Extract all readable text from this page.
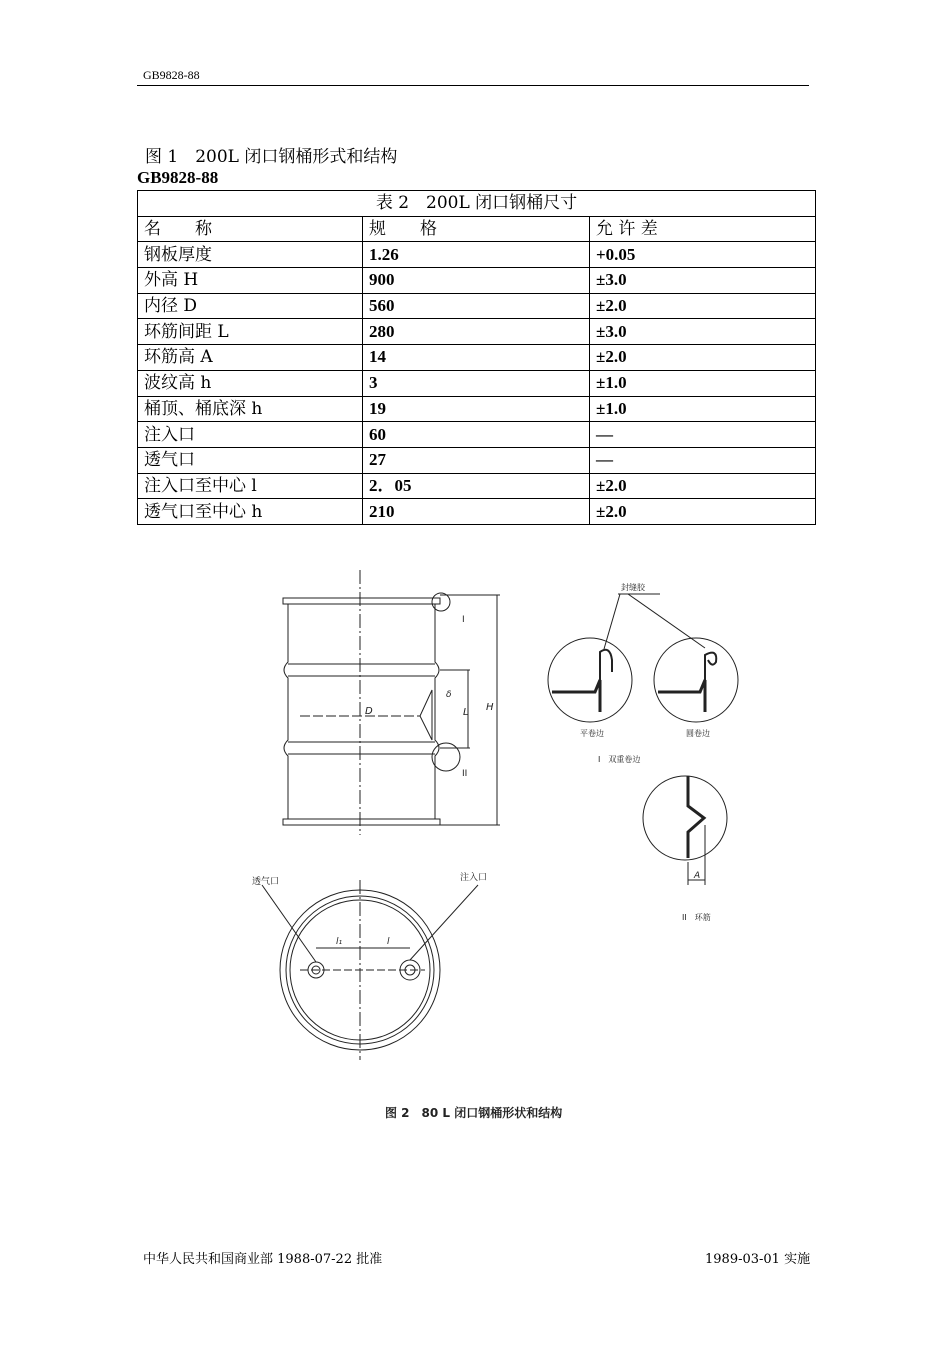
GB9828-88
图 1　200L 闭口钢桶形式和结构
GB9828-88
表 2　200L 闭口钢桶尺寸		
名　　称	规　　格	允 许 差
钢板厚度	1.26	+0.05
外高 H	900	±3.0
内径 D	560	±2.0
环筋间距 L	280	±3.0
环筋高 A	14	±2.0
波纹高 h	3	±1.0
桶顶、桶底深 h	19	±1.0
注入口	60	—
透气口	27	—
注入口至中心 l	2．05	±2.0
透气口至中心 h	210	±2.0
I
II
D	L H
δ
透气口	注入口
l₁	l
封缝胶
平卷边	圆卷边
I　双重卷边
A
II　环筋
图 2　80 L 闭口钢桶形状和结构
中华人民共和国商业部 1988-07-22 批准	1989-03-01 实施
